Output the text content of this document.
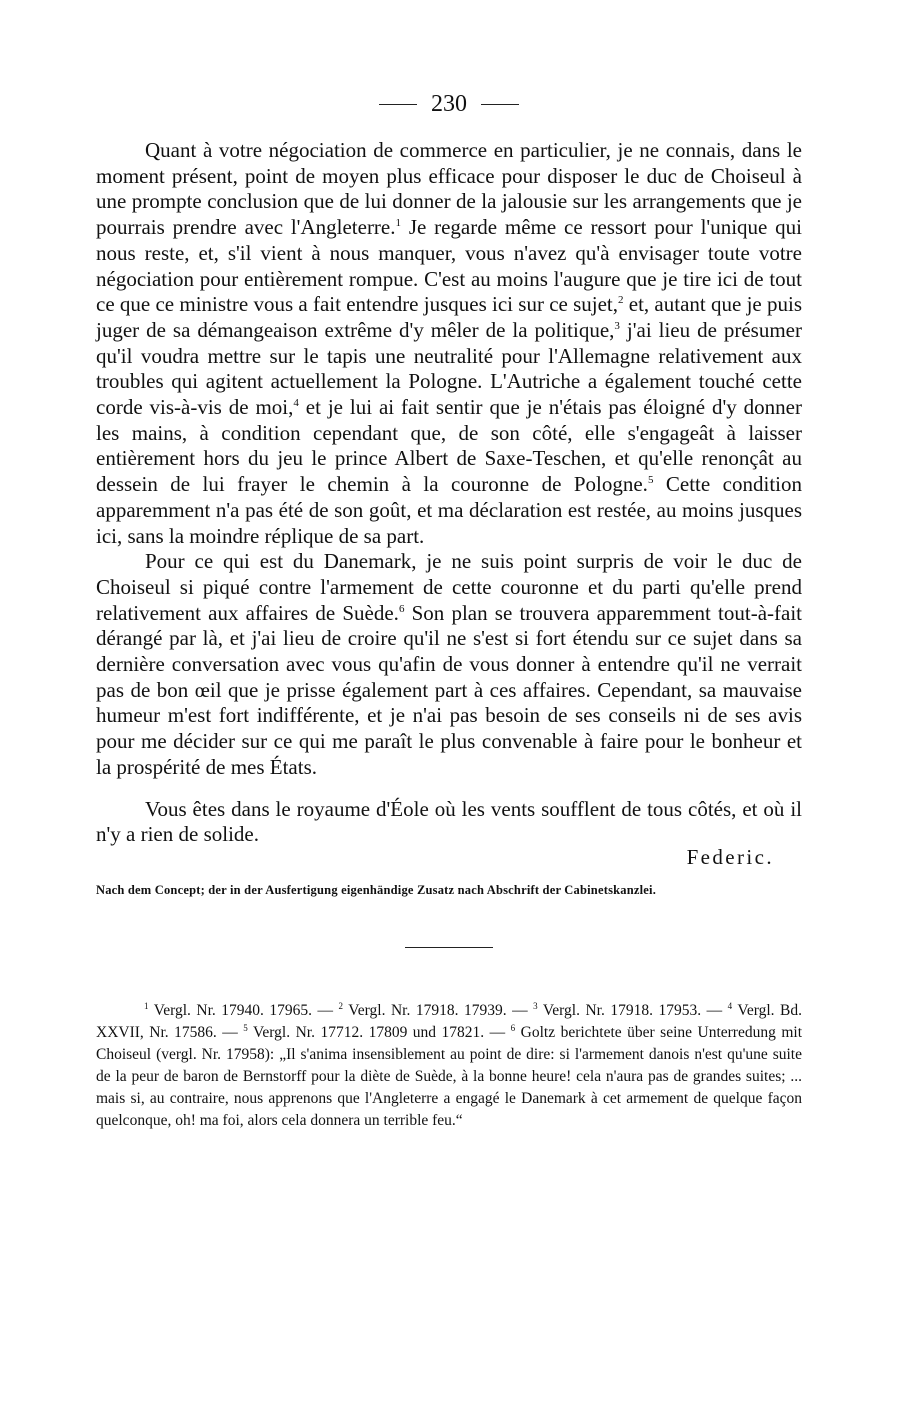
230

Quant à votre négociation de commerce en particulier, je ne connais, dans le moment présent, point de moyen plus efficace pour disposer le duc de Choiseul à une prompte conclusion que de lui donner de la jalousie sur les arrangements que je pourrais prendre avec l'Angleterre.$^1$ Je regarde même ce ressort pour l'unique qui nous reste, et, s'il vient à nous manquer, vous n'avez qu'à envisager toute votre négociation pour entièrement rompue. C'est au moins l'augure que je tire ici de tout ce que ce ministre vous a fait entendre jusques ici sur ce sujet,$^2$ et, autant que je puis juger de sa démangeaison extrême d'y mêler de la politique,$^3$ j'ai lieu de présumer qu'il voudra mettre sur le tapis une neutralité pour l'Allemagne relativement aux troubles qui agitent actuellement la Pologne. L'Autriche a également touché cette corde vis-à-vis de moi,$^4$ et je lui ai fait sentir que je n'étais pas éloigné d'y donner les mains, à condition cependant que, de son côté, elle s'engageât à laisser entièrement hors du jeu le prince Albert de Saxe-Teschen, et qu'elle renonçât au dessein de lui frayer le chemin à la couronne de Pologne.$^5$ Cette condition apparemment n'a pas été de son goût, et ma déclaration est restée, au moins jusques ici, sans la moindre réplique de sa part.

Pour ce qui est du Danemark, je ne suis point surpris de voir le duc de Choiseul si piqué contre l'armement de cette couronne et du parti qu'elle prend relativement aux affaires de Suède.$^6$ Son plan se trouvera apparemment tout-à-fait dérangé par là, et j'ai lieu de croire qu'il ne s'est si fort étendu sur ce sujet dans sa dernière conversation avec vous qu'afin de vous donner à entendre qu'il ne verrait pas de bon œil que je prisse également part à ces affaires. Cependant, sa mauvaise humeur m'est fort indifférente, et je n'ai pas besoin de ses conseils ni de ses avis pour me décider sur ce qui me paraît le plus convenable à faire pour le bonheur et la prospérité de mes États.

Vous êtes dans le royaume d'Éole où les vents soufflent de tous côtés, et où il n'y a rien de solide.

Federic.
Nach dem Concept; der in der Ausfertigung eigenhändige Zusatz nach Abschrift der Cabinetskanzlei.

$^1$ Vergl. Nr. 17940. 17965. — $^2$ Vergl. Nr. 17918. 17939. — $^3$ Vergl. Nr. 17918. 17953. — $^4$ Vergl. Bd. XXVII, Nr. 17586. — $^5$ Vergl. Nr. 17712. 17809 und 17821. — $^6$ Goltz berichtete über seine Unterredung mit Choiseul (vergl. Nr. 17958): „Il s'anima insensiblement au point de dire: si l'armement danois n'est qu'une suite de la peur de baron de Bernstorff pour la diète de Suède, à la bonne heure! cela n'aura pas de grandes suites; ... mais si, au contraire, nous apprenons que l'Angleterre a engagé le Danemark à cet armement de quelque façon quelconque, oh! ma foi, alors cela donnera un terrible feu.“
